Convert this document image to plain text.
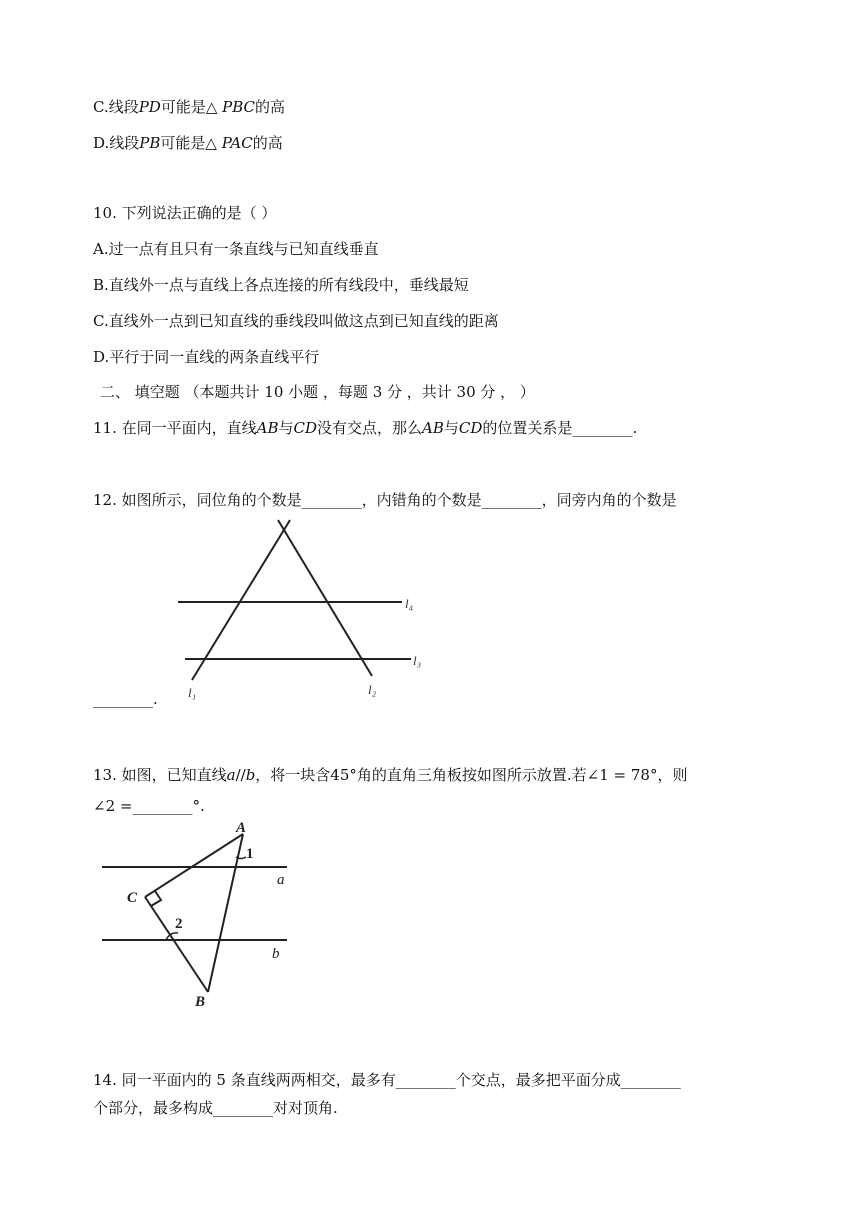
C.线段PD可能是△ PBC的高
D.线段PB可能是△ PAC的高
10. 下列说法正确的是（ ）
A.过一点有且只有一条直线与已知直线垂直
B.直线外一点与直线上各点连接的所有线段中，垂线最短
C.直线外一点到已知直线的垂线段叫做这点到已知直线的距离
D.平行于同一直线的两条直线平行
二、 填空题 （本题共计 10 小题 ，每题 3 分 ，共计 30 分 ， ）
11. 在同一平面内，直线AB与CD没有交点，那么AB与CD的位置关系是________.
12. 如图所示，同位角的个数是________，内错角的个数是________，同旁内角的个数是
l₄
l₃
l₁	l₂
________.
13. 如图，已知直线a//b，将一块含45°角的直角三角板按如图所示放置.若∠1 = 78°，则
∠2 =________°.
A
C
B
1
2
a
b
14. 同一平面内的 5 条直线两两相交，最多有________个交点，最多把平面分成________
个部分，最多构成________对对顶角.
